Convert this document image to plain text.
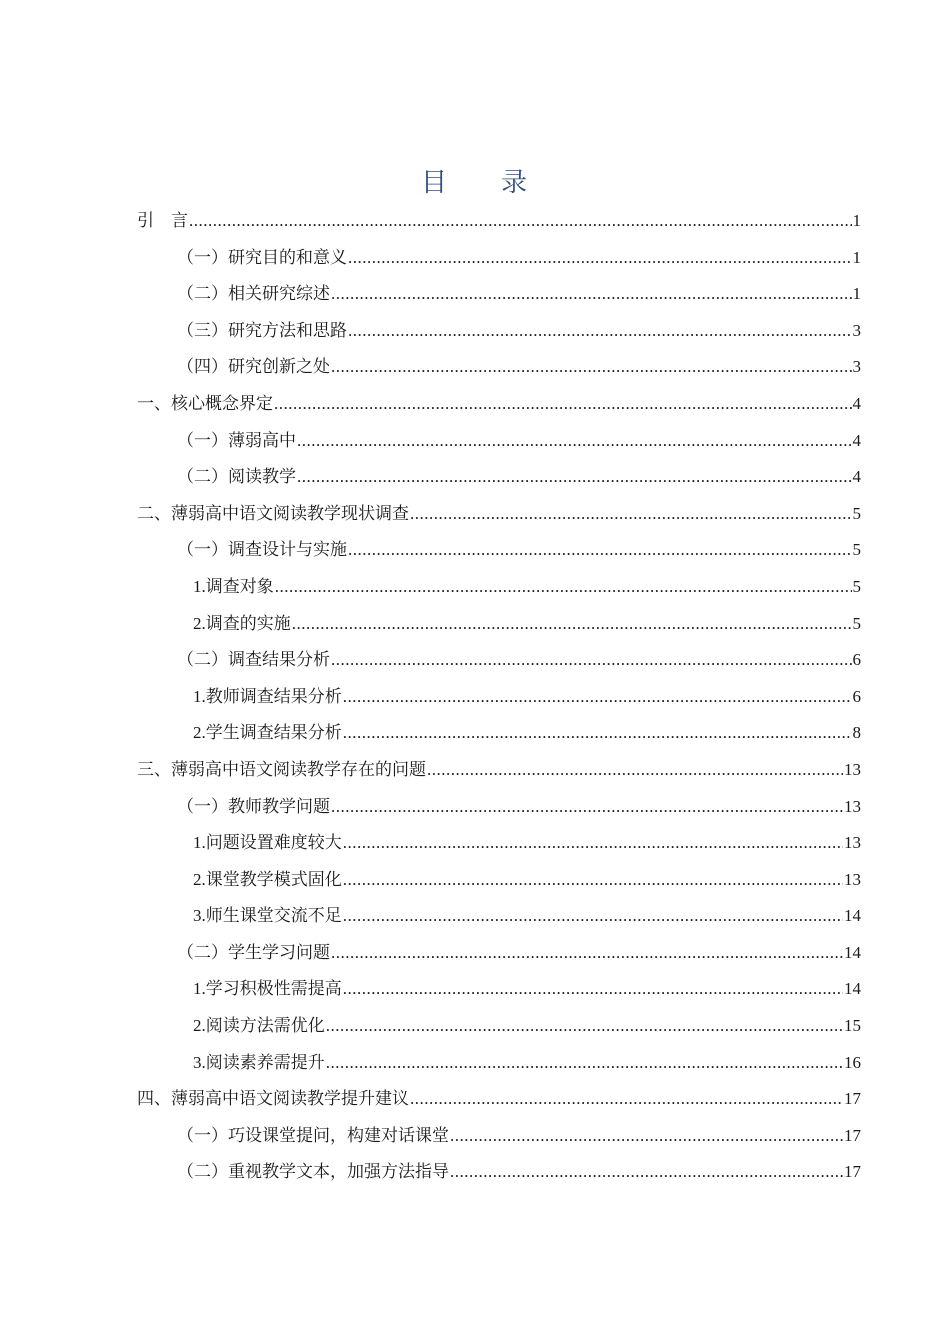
目 录
引　言 .....	1
（一）研究目的和意义 .....	1
（二）相关研究综述 .....	1
（三）研究方法和思路 .....	3
（四）研究创新之处 .....	3
一、核心概念界定 .....	4
（一）薄弱高中 .....	4
（二）阅读教学 .....	4
二、薄弱高中语文阅读教学现状调查 .....	5
（一）调查设计与实施 .....	5
1.调查对象 .....	5
2.调查的实施 .....	5
（二）调查结果分析 .....	6
1.教师调查结果分析 .....	6
2.学生调查结果分析 .....	8
三、薄弱高中语文阅读教学存在的问题 .....	13
（一）教师教学问题 .....	13
1.问题设置难度较大 .....	13
2.课堂教学模式固化 .....	13
3.师生课堂交流不足 .....	14
（二）学生学习问题 .....	14
1.学习积极性需提高 .....	14
2.阅读方法需优化 .....	15
3.阅读素养需提升 .....	16
四、薄弱高中语文阅读教学提升建议 .....	17
（一）巧设课堂提问，构建对话课堂 .....	17
（二）重视教学文本，加强方法指导 .....	17
